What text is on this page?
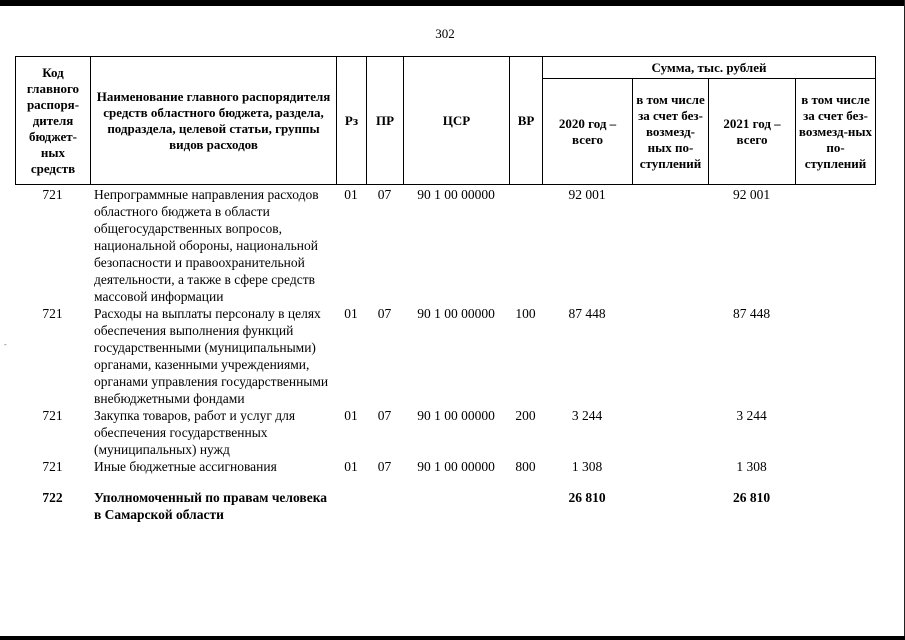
-
302
Код главного распоря-дителя бюджет-ных средств	Наименование главного распорядителя средств областного бюджета, раздела, подраздела, целевой статьи, группы видов расходов	Рз	ПР	ЦСР	ВР	Сумма, тыс. рублей			
						2020 год – всего	в том числе за счет без-возмезд-ных по-ступлений	2021 год – всего	в том числе за счет без-возмезд-ных по-ступлений
721	Непрограммные направления расходов областного бюджета в области общегосударственных вопросов, национальной обороны, национальной безопасности и правоохранительной деятельности, а также в сфере средств массовой информации	01	07	90 1 00 00000		92 001		92 001	
721	Расходы на выплаты персоналу в целях обеспечения выполнения функций государственными (муниципальными) органами, казенными учреждениями, органами управления государственными внебюджетными фондами	01	07	90 1 00 00000	100	87 448		87 448	
721	Закупка товаров, работ и услуг для обеспечения государственных (муниципальных) нужд	01	07	90 1 00 00000	200	3 244		3 244	
721	Иные бюджетные ассигнования	01	07	90 1 00 00000	800	1 308		1 308	
722	Уполномоченный по правам человека в Самарской области					26 810		26 810	
